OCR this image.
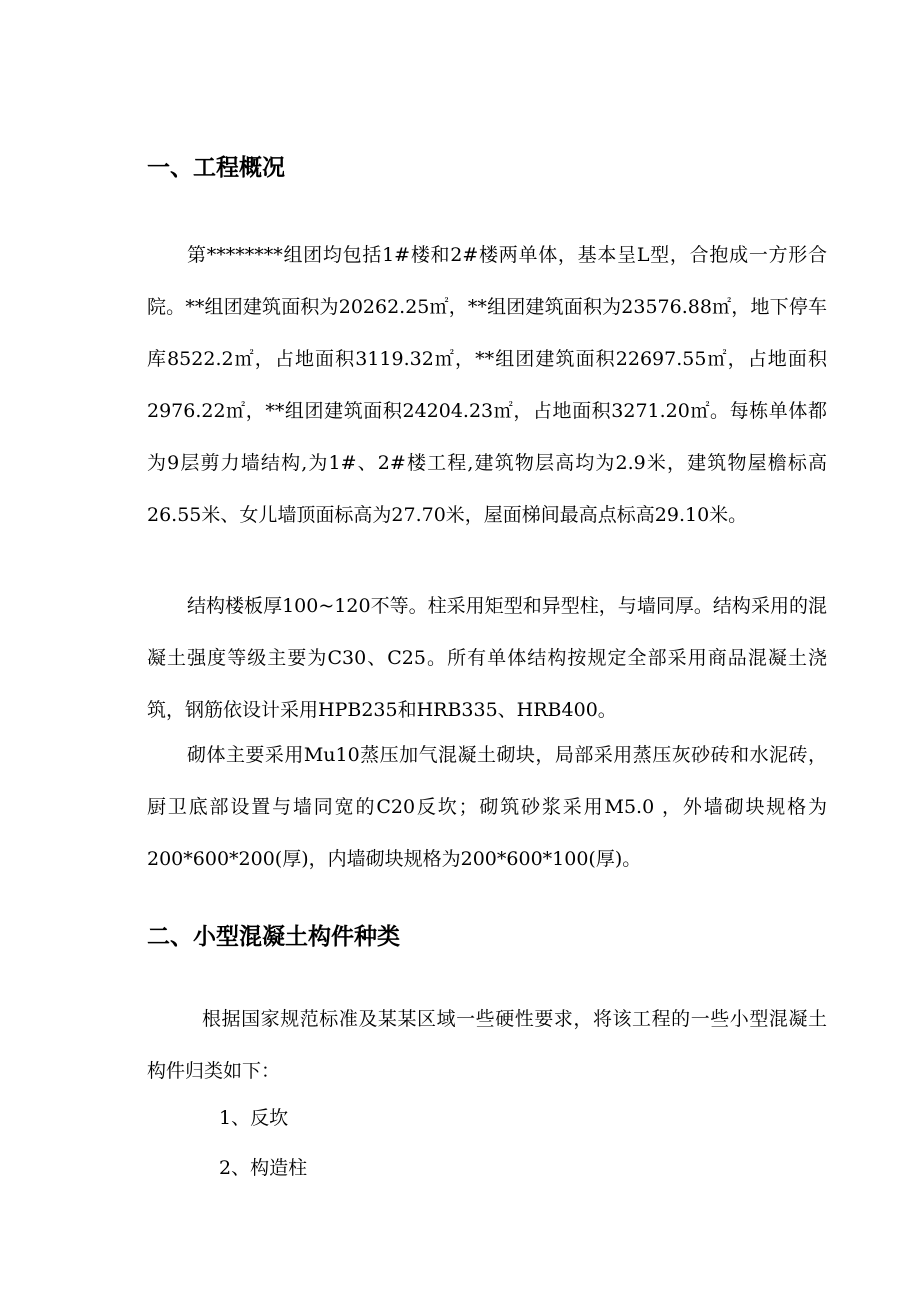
一、工程概况

第********组团均包括1#楼和2#楼两单体，基本呈L型，合抱成一方形合院。**组团建筑面积为20262.25㎡，**组团建筑面积为23576.88㎡，地下停车库8522.2㎡，占地面积3119.32㎡，**组团建筑面积22697.55㎡，占地面积2976.22㎡，**组团建筑面积24204.23㎡，占地面积3271.20㎡。每栋单体都为9层剪力墙结构,为1#、2#楼工程,建筑物层高均为2.9米，建筑物屋檐标高26.55米、女儿墙顶面标高为27.70米，屋面梯间最高点标高29.10米。

结构楼板厚100~120不等。柱采用矩型和异型柱，与墙同厚。结构采用的混凝土强度等级主要为C30、C25。所有单体结构按规定全部采用商品混凝土浇筑，钢筋依设计采用HPB235和HRB335、HRB400。

砌体主要采用Mu10蒸压加气混凝土砌块，局部采用蒸压灰砂砖和水泥砖，厨卫底部设置与墙同宽的C20反坎；砌筑砂浆采用M5.0 ，外墙砌块规格为200*600*200(厚)，内墙砌块规格为200*600*100(厚)。

二、小型混凝土构件种类

根据国家规范标准及某某区域一些硬性要求，将该工程的一些小型混凝土构件归类如下：

1、反坎
2、构造柱
